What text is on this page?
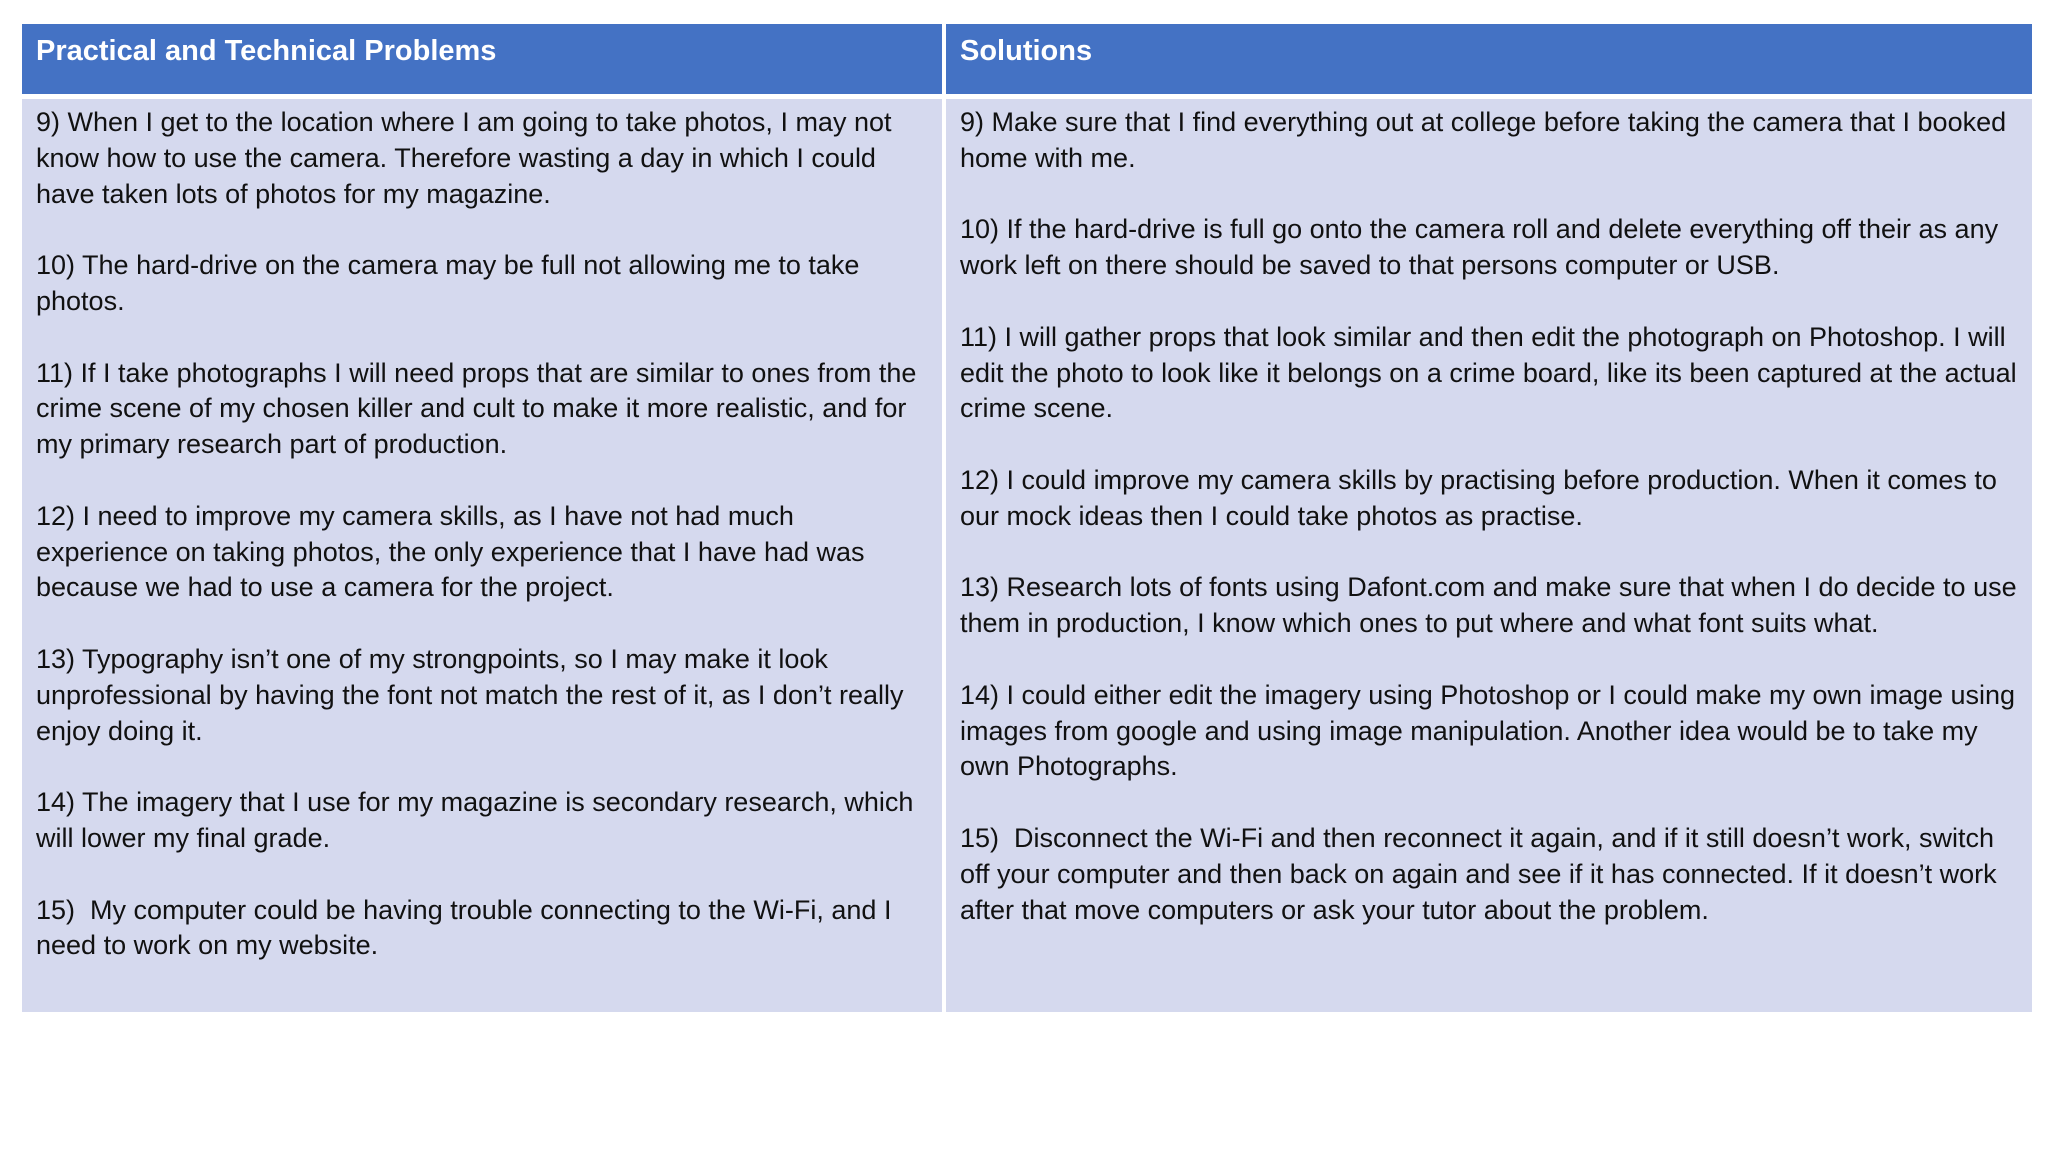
Practical and Technical Problems	Solutions

9) When I get to the location where I am going to take photos, I may not know how to use the camera. Therefore wasting a day in which I could have taken lots of photos for my magazine.

10) The hard-drive on the camera may be full not allowing me to take photos.

11) If I take photographs I will need props that are similar to ones from the crime scene of my chosen killer and cult to make it more realistic, and for my primary research part of production.

12) I need to improve my camera skills, as I have not had much experience on taking photos, the only experience that I have had was because we had to use a camera for the project.

13) Typography isn’t one of my strongpoints, so I may make it look unprofessional by having the font not match the rest of it, as I don’t really enjoy doing it.

14) The imagery that I use for my magazine is secondary research, which will lower my final grade.

15)  My computer could be having trouble connecting to the Wi-Fi, and I need to work on my website.

9) Make sure that I find everything out at college before taking the camera that I booked home with me.

10) If the hard-drive is full go onto the camera roll and delete everything off their as any work left on there should be saved to that persons computer or USB.

11) I will gather props that look similar and then edit the photograph on Photoshop. I will edit the photo to look like it belongs on a crime board, like its been captured at the actual crime scene.

12) I could improve my camera skills by practising before production. When it comes to our mock ideas then I could take photos as practise.

13) Research lots of fonts using Dafont.com and make sure that when I do decide to use them in production, I know which ones to put where and what font suits what.

14) I could either edit the imagery using Photoshop or I could make my own image using images from google and using image manipulation. Another idea would be to take my own Photographs.

15)  Disconnect the Wi-Fi and then reconnect it again, and if it still doesn’t work, switch off your computer and then back on again and see if it has connected. If it doesn’t work after that move computers or ask your tutor about the problem.
